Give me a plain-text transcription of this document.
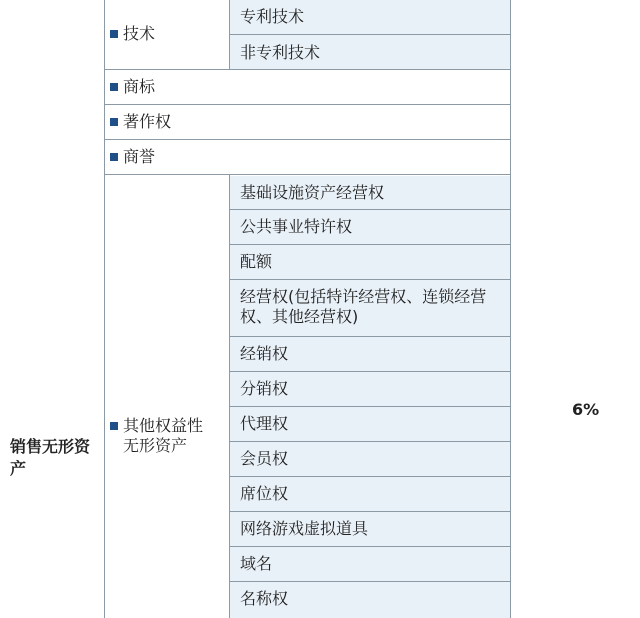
销售无形资产
6%
技术
专利技术
非专利技术
商标
著作权
商誉
其他权益性无形资产
基础设施资产经营权
公共事业特许权
配额
经营权(包括特许经营权、连锁经营权、其他经营权)
经销权
分销权
代理权
会员权
席位权
网络游戏虚拟道具
域名
名称权
